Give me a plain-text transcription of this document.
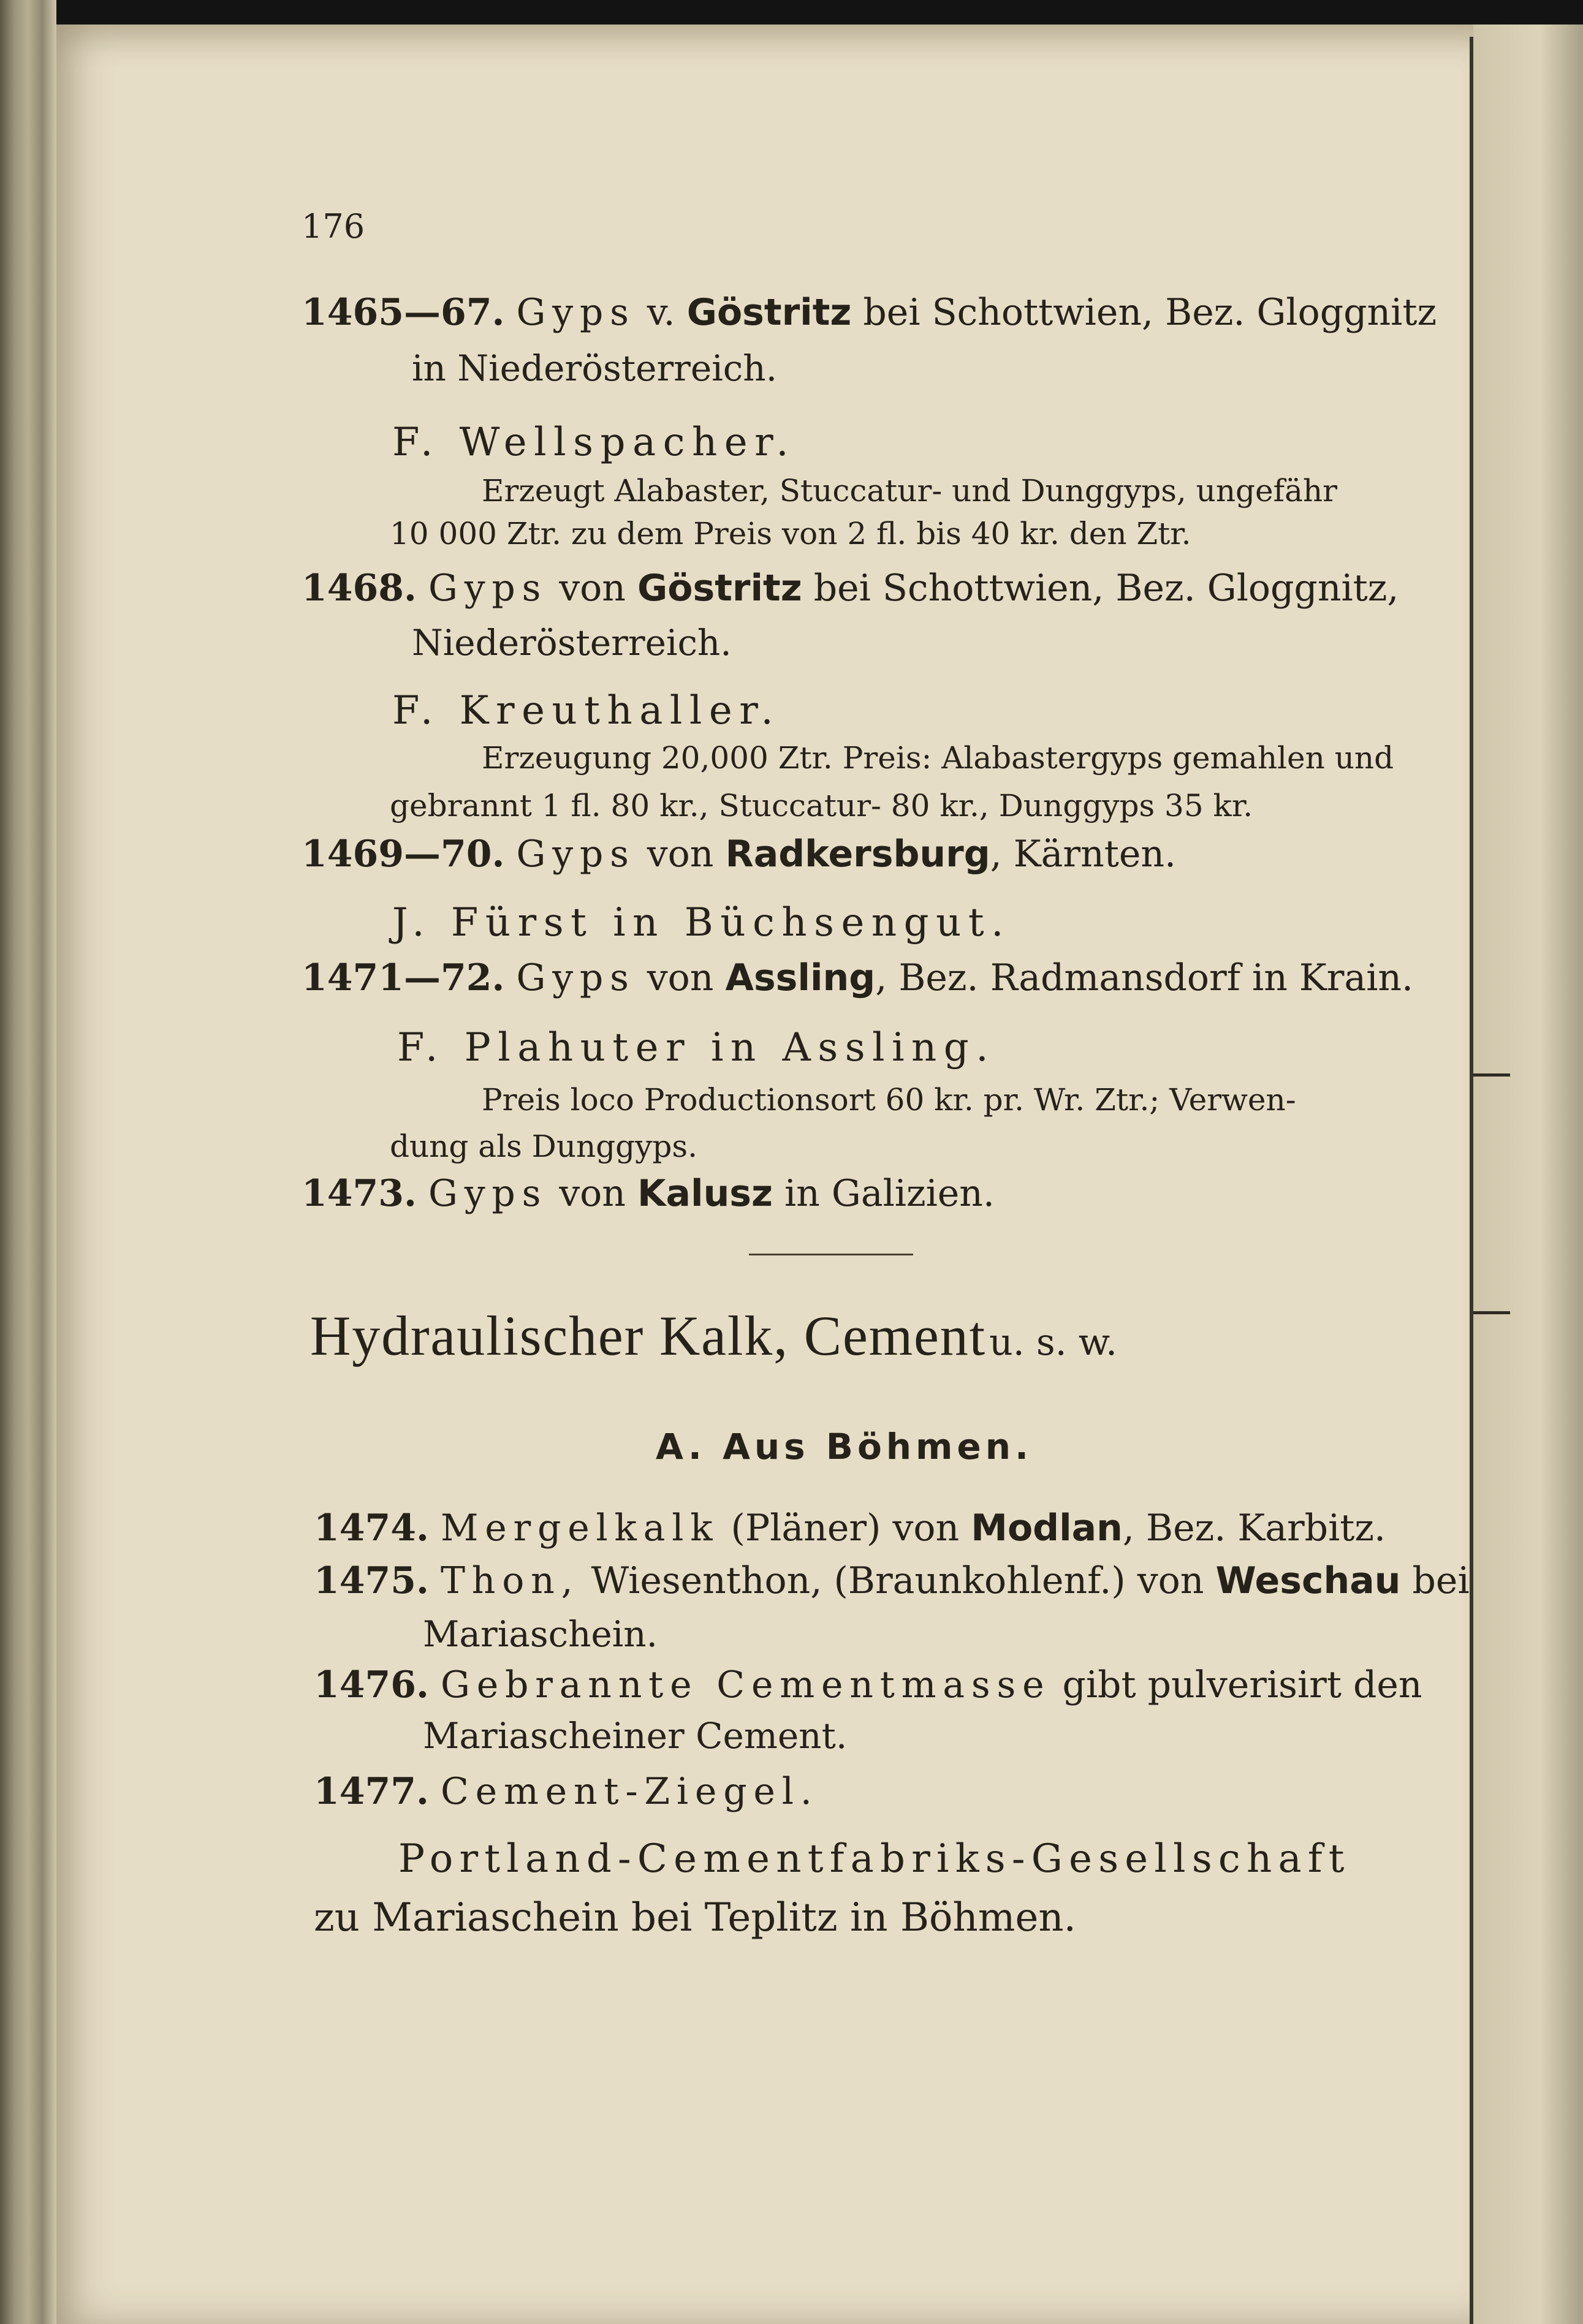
176
1465—67. Gyps v. Göstritz bei Schottwien, Bez. Gloggnitz
in Niederösterreich.
F. Wellspacher.
Erzeugt Alabaster, Stuccatur- und Dunggyps, ungefähr
10 000 Ztr. zu dem Preis von 2 fl. bis 40 kr. den Ztr.
1468. Gyps von Göstritz bei Schottwien, Bez. Gloggnitz,
Niederösterreich.
F. Kreuthaller.
Erzeugung 20,000 Ztr. Preis: Alabastergyps gemahlen und
gebrannt 1 fl. 80 kr., Stuccatur- 80 kr., Dunggyps 35 kr.
1469—70. Gyps von Radkersburg, Kärnten.
J. Fürst in Büchsengut.
1471—72. Gyps von Assling, Bez. Radmansdorf in Krain.
F. Plahuter in Assling.
Preis loco Productionsort 60 kr. pr. Wr. Ztr.; Verwen-
dung als Dunggyps.
1473. Gyps von Kalusz in Galizien.
Hydraulischer Kalk, Cement u. s. w.
A. Aus Böhmen.
1474. Mergelkalk (Pläner) von Modlan, Bez. Karbitz.
1475. Thon, Wiesenthon, (Braunkohlenf.) von Weschau bei
Mariaschein.
1476. Gebrannte Cementmasse gibt pulverisirt den
Mariascheiner Cement.
1477. Cement-Ziegel.
Portland-Cementfabriks-Gesellschaft
zu Mariaschein bei Teplitz in Böhmen.
